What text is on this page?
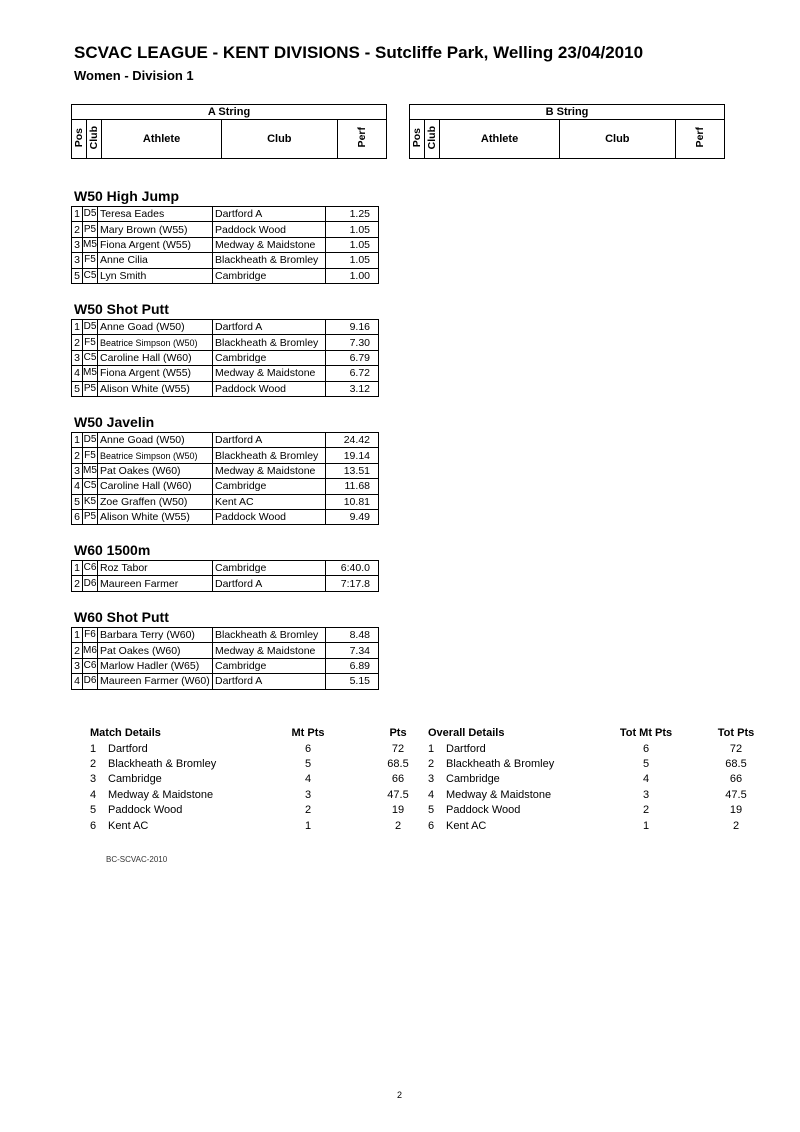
SCVAC LEAGUE - KENT DIVISIONS - Sutcliffe Park, Welling 23/04/2010
Women - Division 1
A String
Pos	Club	Athlete	Club	Perf
B String
Pos	Club	Athlete	Club	Perf
W50 High Jump
1	D5	Teresa Eades	Dartford A	1.25
2	P5	Mary Brown (W55)	Paddock Wood	1.05
3	M5	Fiona Argent (W55)	Medway & Maidstone	1.05
3	F5	Anne Cilia	Blackheath & Bromley	1.05
5	C5	Lyn Smith	Cambridge	1.00
W50 Shot Putt
1	D5	Anne Goad (W50)	Dartford A	9.16
2	F5	Beatrice Simpson (W50)	Blackheath & Bromley	7.30
3	C5	Caroline Hall (W60)	Cambridge	6.79
4	M5	Fiona Argent (W55)	Medway & Maidstone	6.72
5	P5	Alison White (W55)	Paddock Wood	3.12
W50 Javelin
1	D5	Anne Goad (W50)	Dartford A	24.42
2	F5	Beatrice Simpson (W50)	Blackheath & Bromley	19.14
3	M5	Pat Oakes (W60)	Medway & Maidstone	13.51
4	C5	Caroline Hall (W60)	Cambridge	11.68
5	K5	Zoe Graffen (W50)	Kent AC	10.81
6	P5	Alison White (W55)	Paddock Wood	9.49
W60 1500m
1	C6	Roz Tabor	Cambridge	6:40.0
2	D6	Maureen Farmer	Dartford A	7:17.8
W60 Shot Putt
1	F6	Barbara Terry (W60)	Blackheath & Bromley	8.48
2	M6	Pat Oakes (W60)	Medway & Maidstone	7.34
3	C6	Marlow Hadler (W65)	Cambridge	6.89
4	D6	Maureen Farmer (W60)	Dartford A	5.15
Match Details		Mt Pts	Pts
1	Dartford	6	72
2	Blackheath & Bromley	5	68.5
3	Cambridge	4	66
4	Medway & Maidstone	3	47.5
5	Paddock Wood	2	19
6	Kent AC	1	2
Overall Details		Tot Mt Pts	Tot Pts
1	Dartford	6	72
2	Blackheath & Bromley	5	68.5
3	Cambridge	4	66
4	Medway & Maidstone	3	47.5
5	Paddock Wood	2	19
6	Kent AC	1	2
BC-SCVAC-2010
2
